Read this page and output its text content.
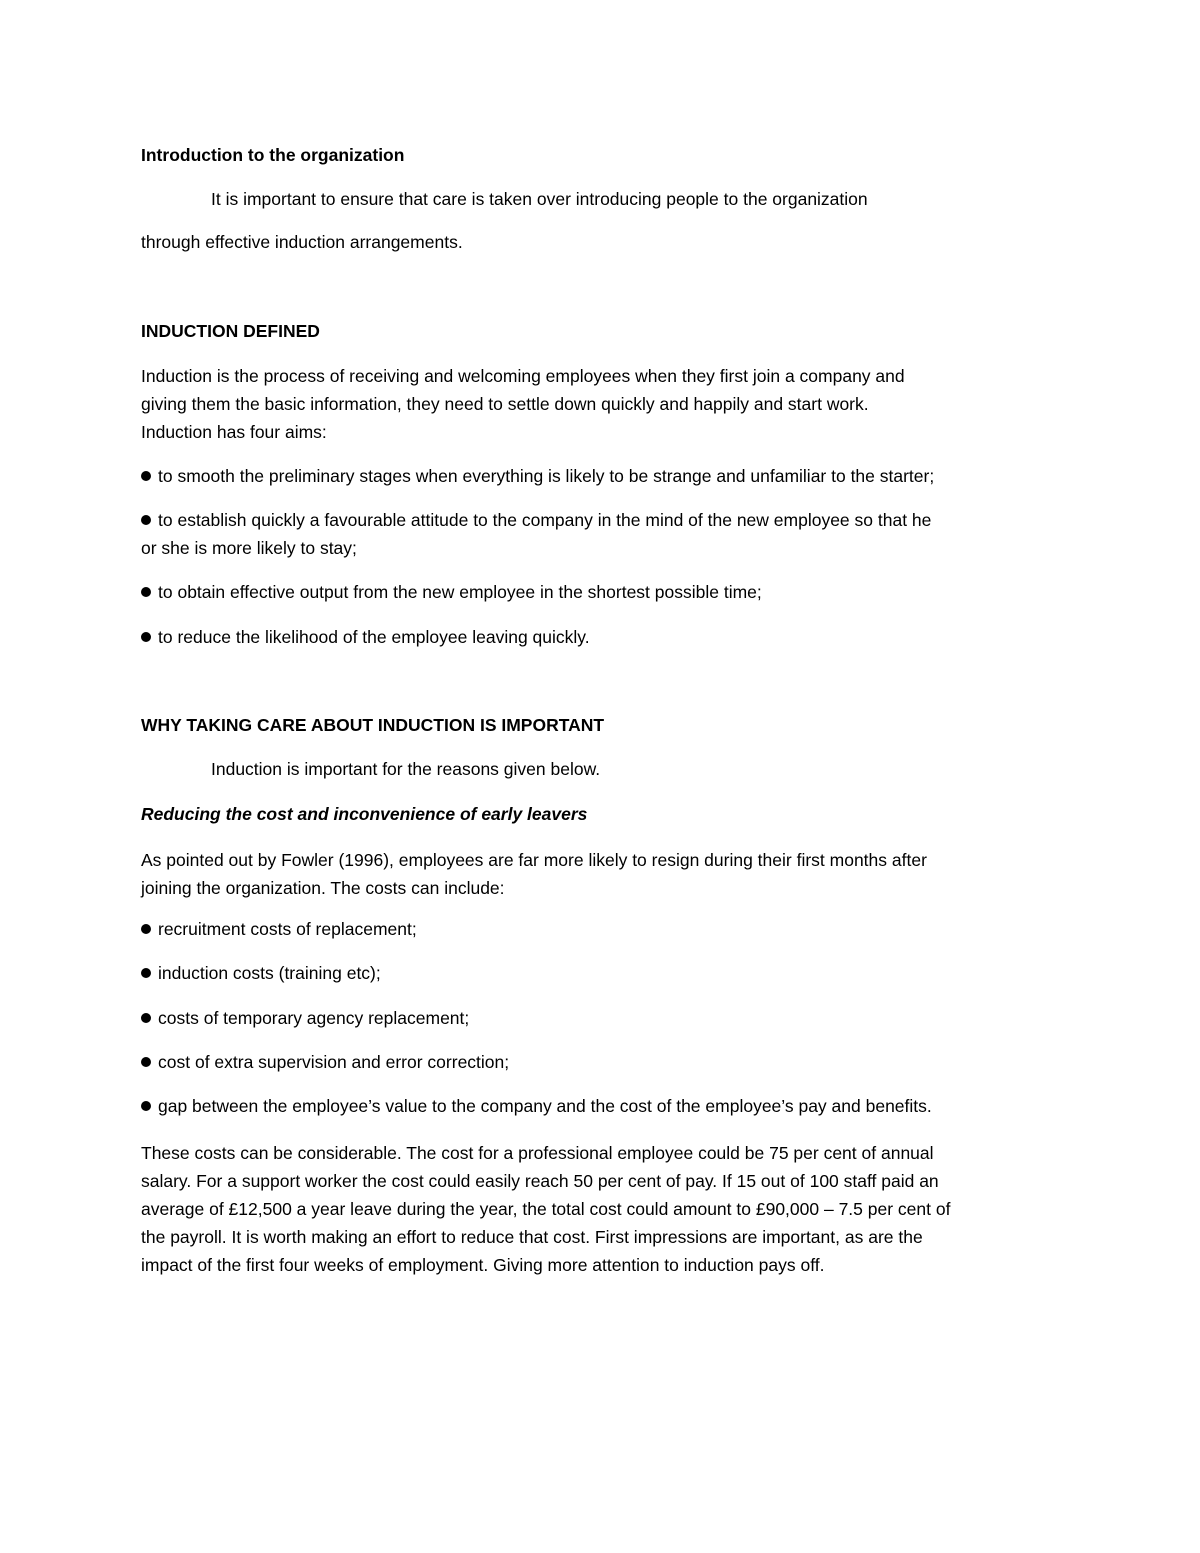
Introduction to the organization
It is important to ensure that care is taken over introducing people to the organization
through effective induction arrangements.
INDUCTION DEFINED
Induction is the process of receiving and welcoming employees when they first join a company and
giving them the basic information, they need to settle down quickly and happily and start work.
Induction has four aims:
to smooth the preliminary stages when everything is likely to be strange and unfamiliar to the starter;
to establish quickly a favourable attitude to the company in the mind of the new employee so that he
or she is more likely to stay;
to obtain effective output from the new employee in the shortest possible time;
to reduce the likelihood of the employee leaving quickly.
WHY TAKING CARE ABOUT INDUCTION IS IMPORTANT
Induction is important for the reasons given below.
Reducing the cost and inconvenience of early leavers
As pointed out by Fowler (1996), employees are far more likely to resign during their first months after
joining the organization. The costs can include:
recruitment costs of replacement;
induction costs (training etc);
costs of temporary agency replacement;
cost of extra supervision and error correction;
gap between the employee’s value to the company and the cost of the employee’s pay and benefits.
These costs can be considerable. The cost for a professional employee could be 75 per cent of annual
salary. For a support worker the cost could easily reach 50 per cent of pay. If 15 out of 100 staff paid an
average of £12,500 a year leave during the year, the total cost could amount to £90,000 – 7.5 per cent of
the payroll. It is worth making an effort to reduce that cost. First impressions are important, as are the
impact of the first four weeks of employment. Giving more attention to induction pays off.
